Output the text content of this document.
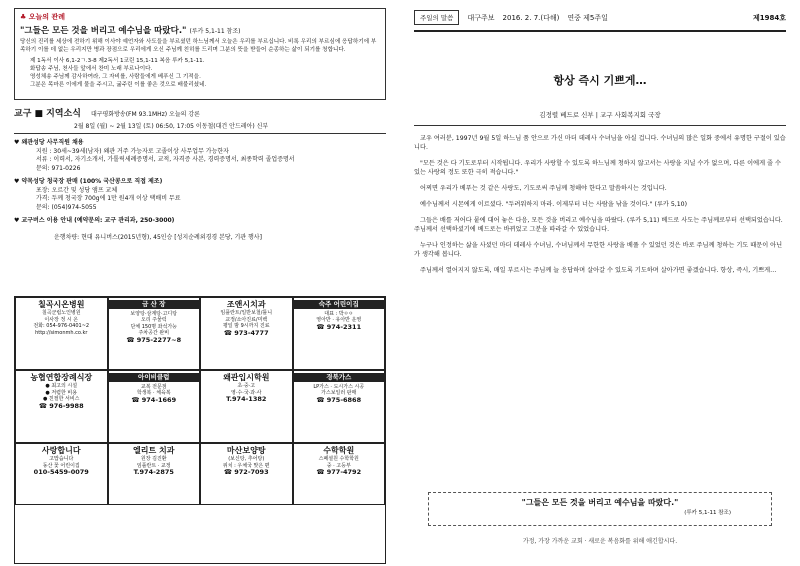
♣ 오늘의 관례
"그들은 모든 것을 버리고 예수님을 따랐다." (루카 5,1-11 참조)
당신의 진리를 세상에 전하기 위해 이사야 예언자와 사도들을 부르셨던 하느님께서 오늘은 우리를 부르십니다. 비록 우리의 부르심에 응답하기에 부족하기 이를 데 없는 우리지만 병과 장점으로 우리에게 오신 주님께 친히를 드리며 그분의 뜻을 받들어 순종하는 삶이 되기를 청합니다.
제 1독서 이사 6,1-2ㄱ.3-8 제2독서 1코린 15,1-11 복음 루카 5,1-11.
화답송 주님, 천사들 앞에서 찬미 노래 부르나이다.
영성체송 주님께 감사하여라, 그 자비를, 사람들에게 베푸신 그 기적을.
그분은 목마른 이에게 물을 주시고, 굶주린 이를 좋은 것으로 배불리셨네.
교구 ■ 지역소식 대구평화방송(FM 93.1MHz) 오늘의 강론
2월 8일 (월) ~ 2월 13일 (토) 06:50, 17:05 이동철(대건 안드레아) 신부
♥ 왜관성당 사무직원 채용
지원 : 30세~39세(남자) 왜관 거주 가능자로 고졸이상 사무업무 가능한자
서류 : 이력서, 자기소개서, 가톨릭세례증명서, 교적, 자격증 사본, 경력증명서, 최종학력 졸업증명서
문의: 971-0226
♥ 약목성당 청국장 판매 (100% 국산콩으로 직접 제조)
포장: 오르간 및 성당 앰프 교체
가격: 두께 청국장 700g에 1만 원4개 이상 택배비 무료
문의: (054)974-5055
♥ 교구버스 이용 안내 (예약문의: 교구 관리과, 250-3000)
운행차량: 현대 유니버스(2015년형), 45인승 [성지순례외경경 본당, 기관 행사]
칠곡시온병원
칠곡군립노인병원
이사장 정 시 온
전화: 054-976-0401~2
http://simonmh.co.kr
금 산 장
보양탕·삼계탕·고디탕
오리 주물럭
단체 150명 좌석가능
주차공간 완비
☎ 975-2277~8
조앤시치과
임플란트/일반보철/틀니
교정/소아진료/미백
평일 밤 9시까지 진료
☎ 973-4777
숙주 어린이집
대표 : 박ㅇㅇ
영아반 · 유아반 운영
☎ 974-2311
농협연합장례식장
● 최고의 시설
● 저렴한 비용
● 친절한 서비스
☎ 976-9988
아이비클럽
교복 전문점
학생복 · 체육복
☎ 974-1669
왜관입시학원
초·중·고
영·수·국·과·사
T.974-1382
경북가스
LP가스 · 도시가스 시공
가스보일러 판매
☎ 975-6868
사랑합니다
고맙습니다
동산 꽃 어린이집
010-5459-0079
엘리트 치과
원장 김진환
임플란트 · 교정
T.974-2875
마산보양탕
(보신탕, 추어탕)
위치 : 우체국 맞은 편
☎ 972-7093
수학학원
스페셜원 수학학원
중 · 고등부
☎ 977-4792
주일의 말씀	대구주보 2016. 2. 7.(다해) 연중 제5주일	제1984호
항상 즉시 기쁘게…
김정렬 베드로 신부 | 교구 사회복지회 국장

교우 여러분, 1997년 9월 5일 하느님 품 안으로 가신 마더 데레사 수녀님을 아실 겁니다. 수녀님의 많은 일화 중에서 유명한 구절이 있습니다.

"모든 것은 다 기도로부터 시작됩니다. 우리가 사랑할 수 있도록 하느님께 청하지 않고서는 사랑을 지닐 수가 없으며, 다른 이에게 줄 수 있는 사랑의 정도 또한 극히 적습니다."

어찌면 우리가 베푸는 것 같은 사랑도, 기도로써 주님께 청해야 한다고 말씀하시는 것입니다.

예수님께서 시몬에게 이르셨다. "두려워하지 마라. 이제부터 너는 사람을 낚을 것이다." (루카 5,10)

그들은 배를 저어다 뭍에 대어 놓은 다음, 모든 것을 버리고 예수님을 따랐다. (루카 5,11) 베드로 사도는 주님께로부터 선택되었습니다. 주님께서 선택하셨기에 베드로는 바뀌었고 그분을 따라갈 수 있었습니다.

누구나 인정하는 삶을 사셨던 마더 데레사 수녀님, 수녀님께서 무한한 사랑을 베풀 수 있었던 것은 바로 주님께 청하는 기도 때문이 아닌가 생각해 봅니다.

주님께서 열어지지 않도록, 매일 부르시는 주님께 늘 응답하며 살아갈 수 있도록 기도하며 살아가면 좋겠습니다. 항상, 즉시, 기쁘게…

"그들은 모든 것을 버리고 예수님을 따랐다."
(루카 5,1-11 참조)
가정, 가장 가까운 교회 · 새로운 복음화를 위해 애긴합시다.
